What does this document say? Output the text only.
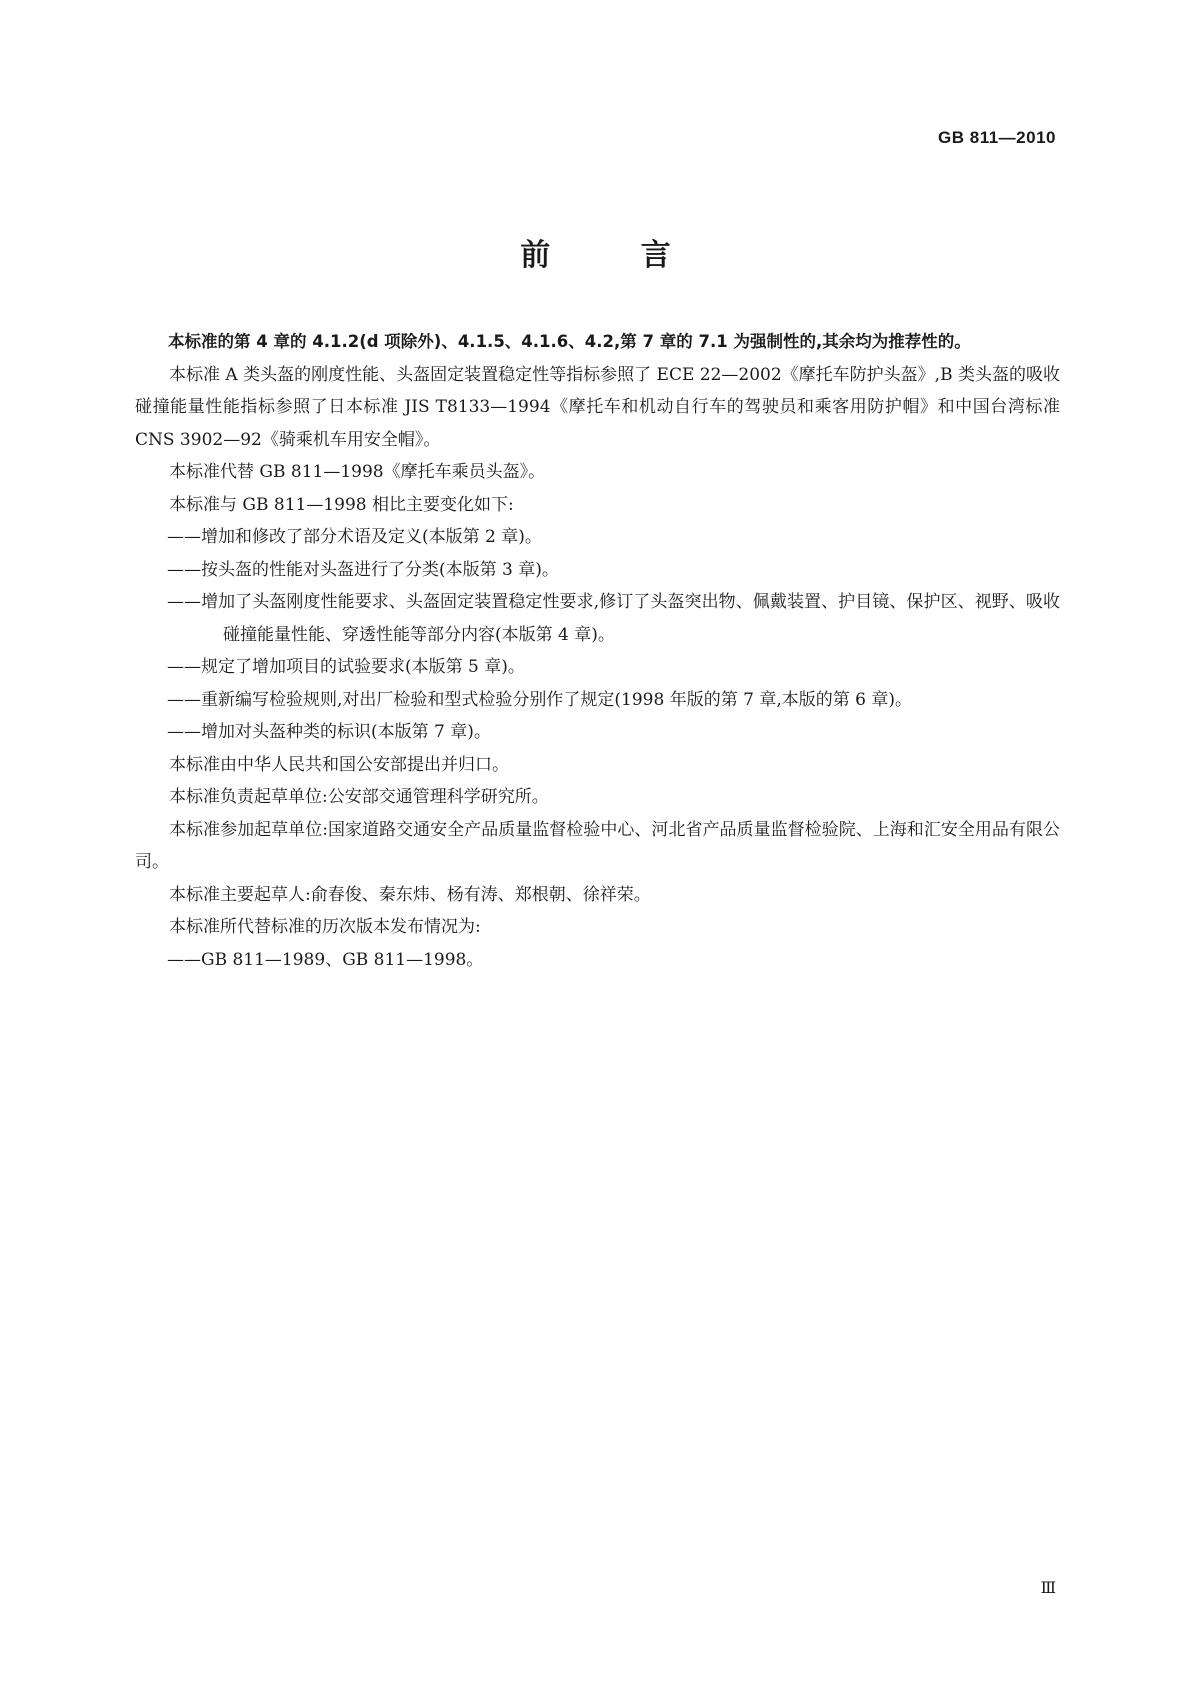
GB 811—2010
前 言

本标准的第 4 章的 4.1.2(d 项除外)、4.1.5、4.1.6、4.2,第 7 章的 7.1 为强制性的,其余均为推荐性的。

本标准 A 类头盔的刚度性能、头盔固定装置稳定性等指标参照了 ECE 22—2002《摩托车防护头盔》,B 类头盔的吸收碰撞能量性能指标参照了日本标准 JIS T8133—1994《摩托车和机动自行车的驾驶员和乘客用防护帽》和中国台湾标准 CNS 3902—92《骑乘机车用安全帽》。

本标准代替 GB 811—1998《摩托车乘员头盔》。

本标准与 GB 811—1998 相比主要变化如下:

——增加和修改了部分术语及定义(本版第 2 章)。

——按头盔的性能对头盔进行了分类(本版第 3 章)。

——增加了头盔刚度性能要求、头盔固定装置稳定性要求,修订了头盔突出物、佩戴装置、护目镜、保护区、视野、吸收碰撞能量性能、穿透性能等部分内容(本版第 4 章)。

——规定了增加项目的试验要求(本版第 5 章)。

——重新编写检验规则,对出厂检验和型式检验分别作了规定(1998 年版的第 7 章,本版的第 6 章)。

——增加对头盔种类的标识(本版第 7 章)。

本标准由中华人民共和国公安部提出并归口。

本标准负责起草单位:公安部交通管理科学研究所。

本标准参加起草单位:国家道路交通安全产品质量监督检验中心、河北省产品质量监督检验院、上海和汇安全用品有限公司。

本标准主要起草人:俞春俊、秦东炜、杨有涛、郑根朝、徐祥荣。

本标准所代替标准的历次版本发布情况为:

——GB 811—1989、GB 811—1998。

Ⅲ
